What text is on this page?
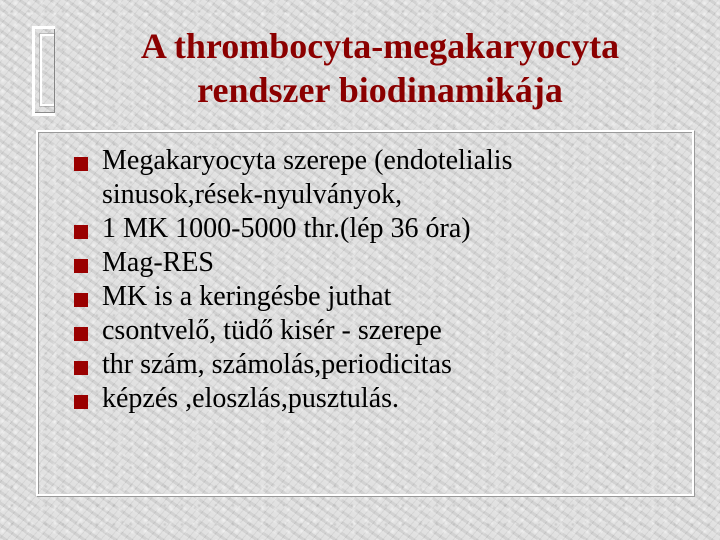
A thrombocyta-megakaryocyta
rendszer biodinamikája
Megakaryocyta szerepe (endotelialis
sinusok,rések-nyulványok,
1 MK 1000-5000 thr.(lép 36 óra)
Mag-RES
MK is a keringésbe juthat
csontvelő, tüdő kisér - szerepe
thr szám, számolás,periodicitas
képzés ,eloszlás,pusztulás.
